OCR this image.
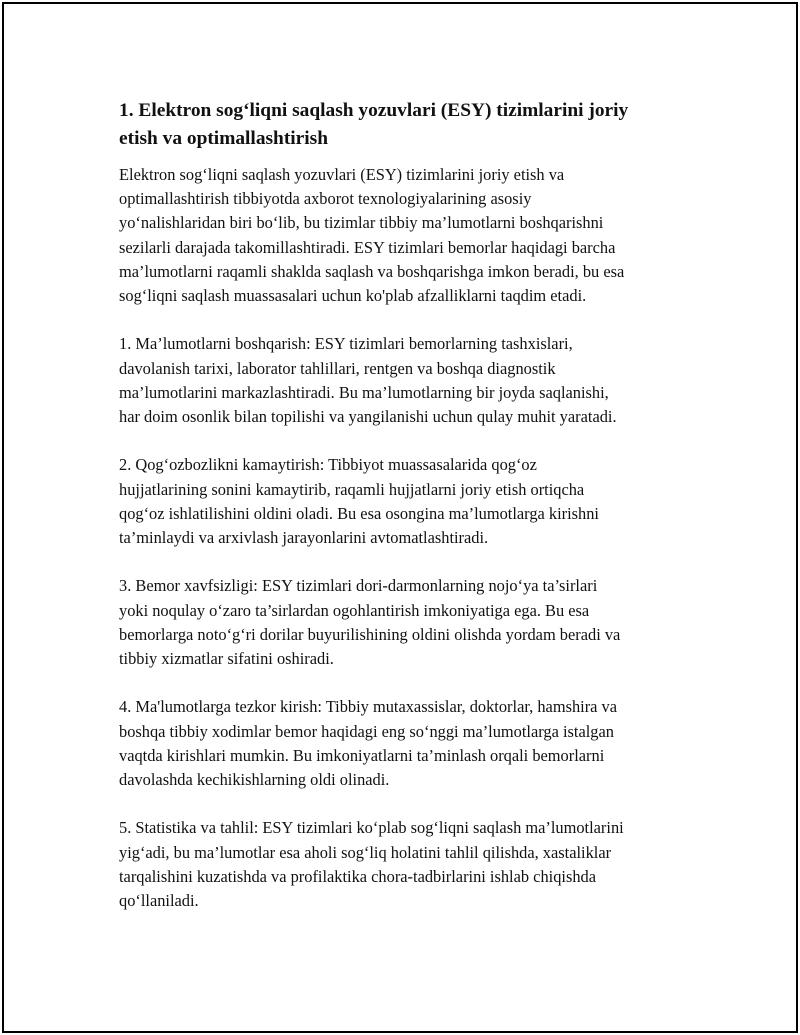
1. Elektron sog‘liqni saqlash yozuvlari (ESY) tizimlarini joriy
etish va optimallashtirish

Elektron sog‘liqni saqlash yozuvlari (ESY) tizimlarini joriy etish va
optimallashtirish tibbiyotda axborot texnologiyalarining asosiy
yo‘nalishlaridan biri bo‘lib, bu tizimlar tibbiy ma’lumotlarni boshqarishni
sezilarli darajada takomillashtiradi. ESY tizimlari bemorlar haqidagi barcha
ma’lumotlarni raqamli shaklda saqlash va boshqarishga imkon beradi, bu esa
sog‘liqni saqlash muassasalari uchun ko'plab afzalliklarni taqdim etadi.

1. Ma’lumotlarni boshqarish: ESY tizimlari bemorlarning tashxislari,
davolanish tarixi, laborator tahlillari, rentgen va boshqa diagnostik
ma’lumotlarini markazlashtiradi. Bu ma’lumotlarning bir joyda saqlanishi,
har doim osonlik bilan topilishi va yangilanishi uchun qulay muhit yaratadi.

2. Qog‘ozbozlikni kamaytirish: Tibbiyot muassasalarida qog‘oz
hujjatlarining sonini kamaytirib, raqamli hujjatlarni joriy etish ortiqcha
qog‘oz ishlatilishini oldini oladi. Bu esa osongina ma’lumotlarga kirishni
ta’minlaydi va arxivlash jarayonlarini avtomatlashtiradi.

3. Bemor xavfsizligi: ESY tizimlari dori-darmonlarning nojo‘ya ta’sirlari
yoki noqulay o‘zaro ta’sirlardan ogohlantirish imkoniyatiga ega. Bu esa
bemorlarga noto‘g‘ri dorilar buyurilishining oldini olishda yordam beradi va
tibbiy xizmatlar sifatini oshiradi.

4. Ma'lumotlarga tezkor kirish: Tibbiy mutaxassislar, doktorlar, hamshira va
boshqa tibbiy xodimlar bemor haqidagi eng so‘nggi ma’lumotlarga istalgan
vaqtda kirishlari mumkin. Bu imkoniyatlarni ta’minlash orqali bemorlarni
davolashda kechikishlarning oldi olinadi.

5. Statistika va tahlil: ESY tizimlari ko‘plab sog‘liqni saqlash ma’lumotlarini
yig‘adi, bu ma’lumotlar esa aholi sog‘liq holatini tahlil qilishda, xastaliklar
tarqalishini kuzatishda va profilaktika chora-tadbirlarini ishlab chiqishda
qo‘llaniladi.
